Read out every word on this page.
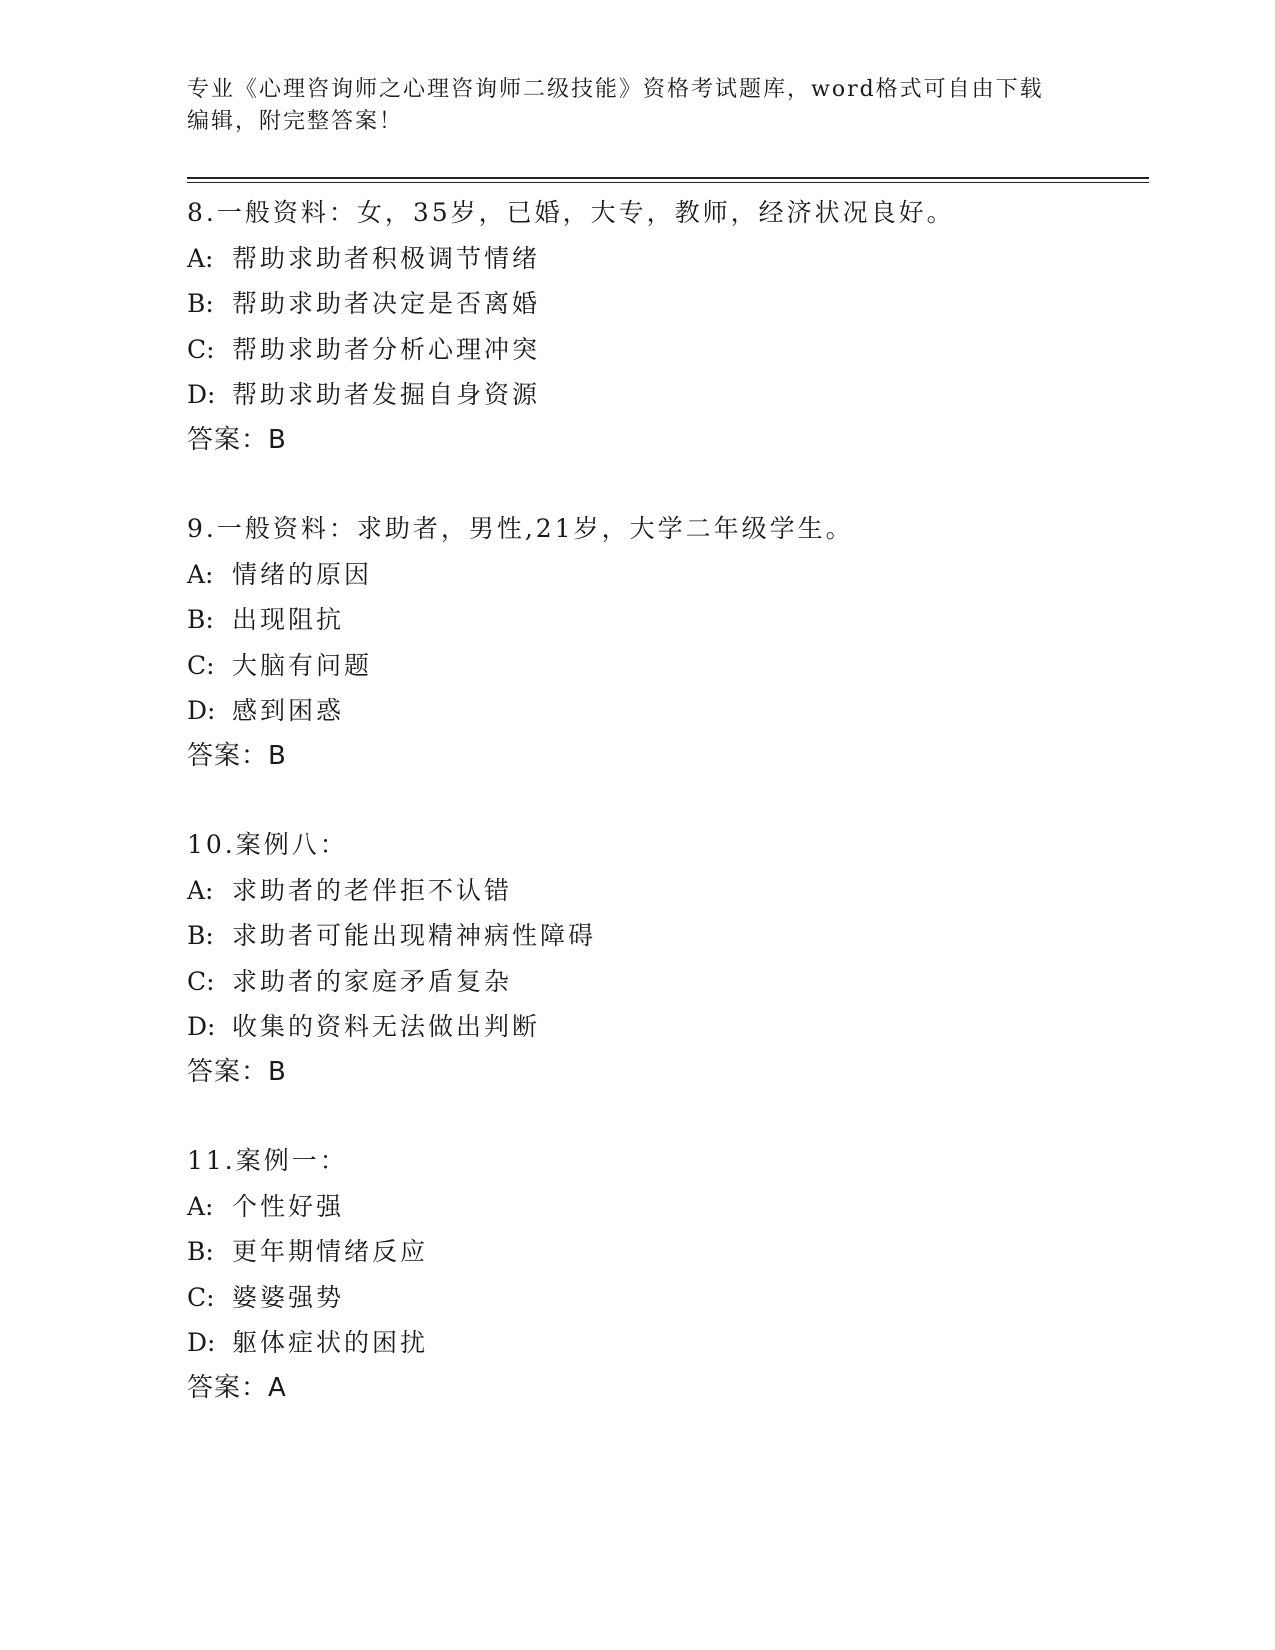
专业《心理咨询师之心理咨询师二级技能》资格考试题库，word格式可自由下载
编辑，附完整答案！
8.一般资料：女，35岁，已婚，大专，教师，经济状况良好。
A: 帮助求助者积极调节情绪
B: 帮助求助者决定是否离婚
C: 帮助求助者分析心理冲突
D: 帮助求助者发掘自身资源
答案：B
9.一般资料：求助者，男性,21岁，大学二年级学生。
A: 情绪的原因
B: 出现阻抗
C: 大脑有问题
D: 感到困惑
答案：B
10.案例八：
A: 求助者的老伴拒不认错
B: 求助者可能出现精神病性障碍
C: 求助者的家庭矛盾复杂
D: 收集的资料无法做出判断
答案：B
11.案例一：
A: 个性好强
B: 更年期情绪反应
C: 婆婆强势
D: 躯体症状的困扰
答案：A
